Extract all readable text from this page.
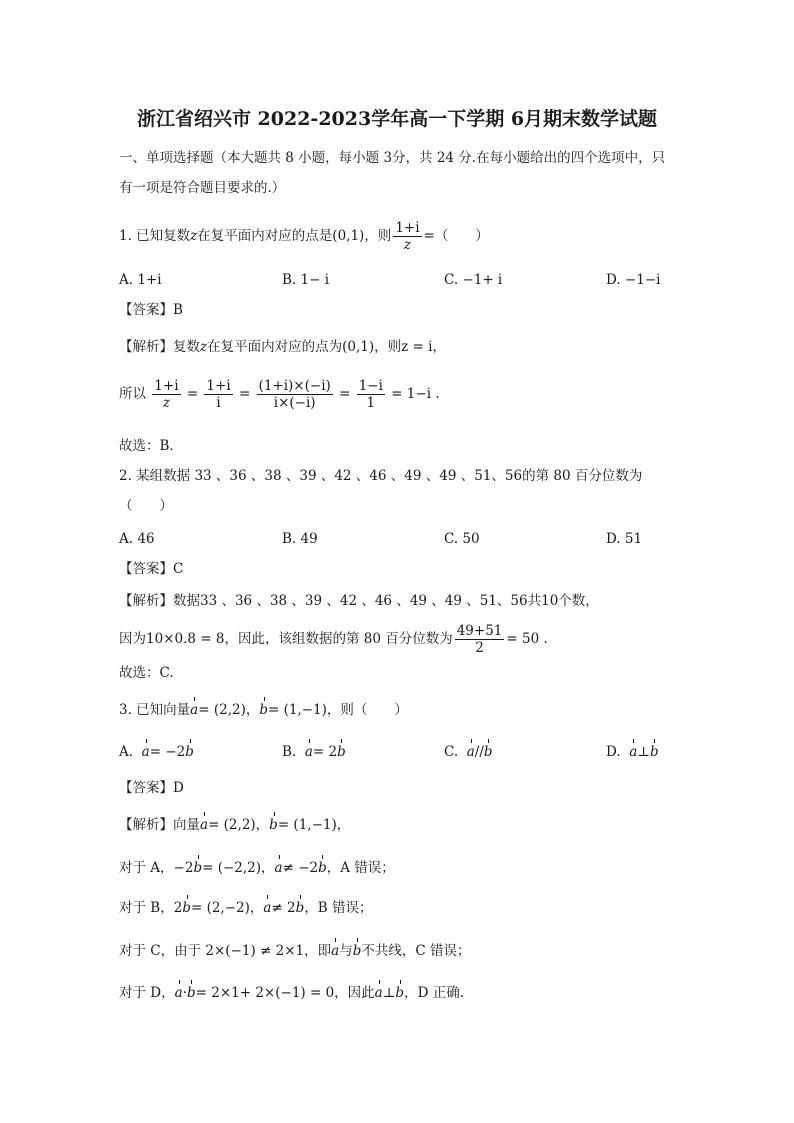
浙江省绍兴市 2022-2023学年高一下学期 6月期末数学试题
一、单项选择题（本大题共 8 小题，每小题 3分，共 24 分.在每小题给出的四个选项中，只
有一项是符合题目要求的.）
1. 已知复数z在复平面内对应的点是(0,1)，则 $\frac{1+i}{z}$ =（　　）
A. 1+i	B. 1− i	C. −1+ i	D. −1−i
【答案】B
【解析】复数z在复平面内对应的点为(0,1)，则z = i，
所以 $\frac{1+i}{z} = \frac{1+i}{i} = \frac{(1+i)\times(-i)}{i\times(-i)} = \frac{1-i}{1} = 1-i$ .
故选：B．
2. 某组数据 33 、36 、38 、39 、42 、46 、49 、49 、51、56的第 80 百分位数为
（　　）
A. 46	B. 49	C. 50	D. 51
【答案】C
【解析】数据33 、36 、38 、39 、42 、46 、49 、49 、51、56共10个数，
因为10×0.8 = 8，因此，该组数据的第 80 百分位数为 $\frac{49+51}{2} = 50$ .
故选：C.
3. 已知向量a= (2,2)，b= (1,−1)，则（　　）
A. a= −2b	B. a= 2b	C. a//b	D. a⊥b
【答案】D
【解析】向量a= (2,2)，b= (1,−1)，
对于 A，−2b= (−2,2)，a≠ −2b，A 错误；
对于 B，2b= (2,−2)，a≠ 2b，B 错误；
对于 C，由于 2×(−1) ≠ 2×1，即a与b不共线，C 错误；
对于 D，a·b= 2×1+ 2×(−1) = 0，因此a⊥b，D 正确.
